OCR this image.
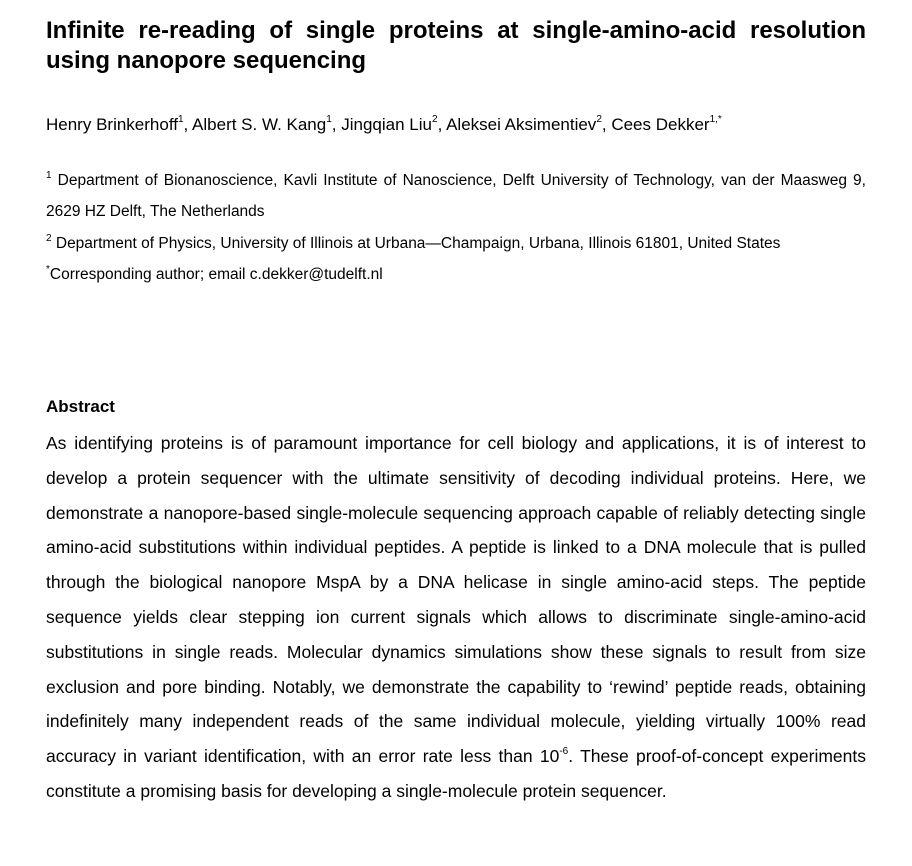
Infinite re-reading of single proteins at single-amino-acid resolution using nanopore sequencing
Henry Brinkerhoff$^1$, Albert S. W. Kang$^1$, Jingqian Liu$^2$, Aleksei Aksimentiev$^2$, Cees Dekker$^{1,*}$
$^1$ Department of Bionanoscience, Kavli Institute of Nanoscience, Delft University of Technology, van der Maasweg 9, 2629 HZ Delft, The Netherlands
$^2$ Department of Physics, University of Illinois at Urbana—Champaign, Urbana, Illinois 61801, United States
*Corresponding author; email c.dekker@tudelft.nl
Abstract

As identifying proteins is of paramount importance for cell biology and applications, it is of interest to develop a protein sequencer with the ultimate sensitivity of decoding individual proteins. Here, we demonstrate a nanopore-based single-molecule sequencing approach capable of reliably detecting single amino-acid substitutions within individual peptides. A peptide is linked to a DNA molecule that is pulled through the biological nanopore MspA by a DNA helicase in single amino-acid steps. The peptide sequence yields clear stepping ion current signals which allows to discriminate single-amino-acid substitutions in single reads. Molecular dynamics simulations show these signals to result from size exclusion and pore binding. Notably, we demonstrate the capability to ‘rewind’ peptide reads, obtaining indefinitely many independent reads of the same individual molecule, yielding virtually 100% read accuracy in variant identification, with an error rate less than $10^{-6}$. These proof-of-concept experiments constitute a promising basis for developing a single-molecule protein sequencer.
